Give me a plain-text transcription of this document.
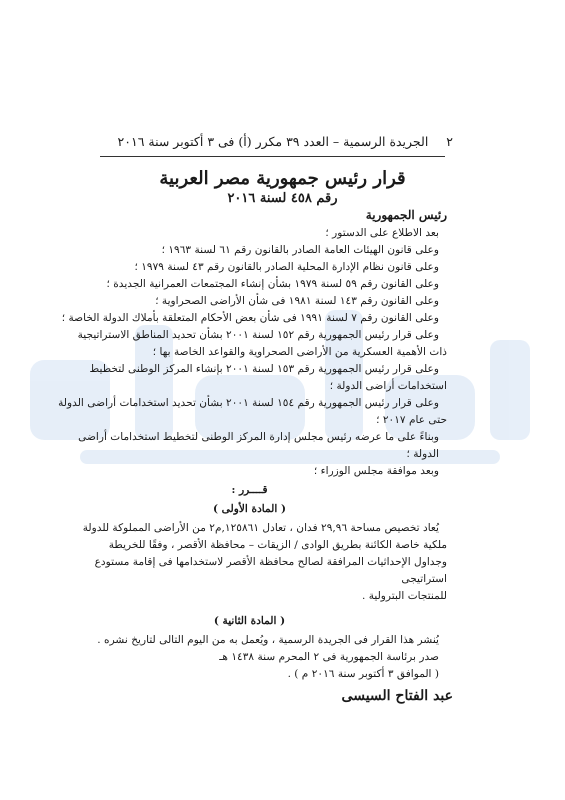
٢ الجريدة الرسمية – العدد ٣٩ مكرر (أ) فى ٣ أكتوبر سنة ٢٠١٦
قرار رئيس جمهورية مصر العربية
رقم ٤٥٨ لسنة ٢٠١٦

رئيس الجمهورية

بعد الاطلاع على الدستور ؛

وعلى قانون الهيئات العامة الصادر بالقانون رقم ٦١ لسنة ١٩٦٣ ؛

وعلى قانون نظام الإدارة المحلية الصادر بالقانون رقم ٤٣ لسنة ١٩٧٩ ؛

وعلى القانون رقم ٥٩ لسنة ١٩٧٩ بشأن إنشاء المجتمعات العمرانية الجديدة ؛

وعلى القانون رقم ١٤٣ لسنة ١٩٨١ فى شأن الأراضى الصحراوية ؛

وعلى القانون رقم ٧ لسنة ١٩٩١ فى شأن بعض الأحكام المتعلقة بأملاك الدولة الخاصة ؛

وعلى قرار رئيس الجمهورية رقم ١٥٢ لسنة ٢٠٠١ بشأن تحديد المناطق الاستراتيجية

ذات الأهمية العسكرية من الأراضى الصحراوية والقواعد الخاصة بها ؛

وعلى قرار رئيس الجمهورية رقم ١٥٣ لسنة ٢٠٠١ بإنشاء المركز الوطنى لتخطيط

استخدامات أراضى الدولة ؛

وعلى قرار رئيس الجمهورية رقم ١٥٤ لسنة ٢٠٠١ بشأن تحديد استخدامات أراضى الدولة

حتى عام ٢٠١٧ ؛

وبناءً على ما عرضه رئيس مجلس إدارة المركز الوطنى لتخطيط استخدامات أراضى الدولة ؛

وبعد موافقة مجلس الوزراء ؛

قــــرر :

( المادة الأولى )

يُعاد تخصيص مساحة ٢٩,٩٦ فدان ، تعادل ١٢٥٨٦١,م٢ من الأراضى المملوكة للدولة

ملكية خاصة الكائنة بطريق الوادى / الزيقات – محافظة الأقصر ، وفقًا للخريطة

وجداول الإحداثيات المرافقة لصالح محافظة الأقصر لاستخدامها فى إقامة مستودع استراتيجى

للمنتجات البترولية .

( المادة الثانية )

يُنشر هذا القرار فى الجريدة الرسمية ، ويُعمل به من اليوم التالى لتاريخ نشره .

صدر برئاسة الجمهورية فى ٢ المحرم سنة ١٤٣٨ هـ

( الموافق ٣ أكتوبر سنة ٢٠١٦ م ) .

عبد الفتاح السيسى
